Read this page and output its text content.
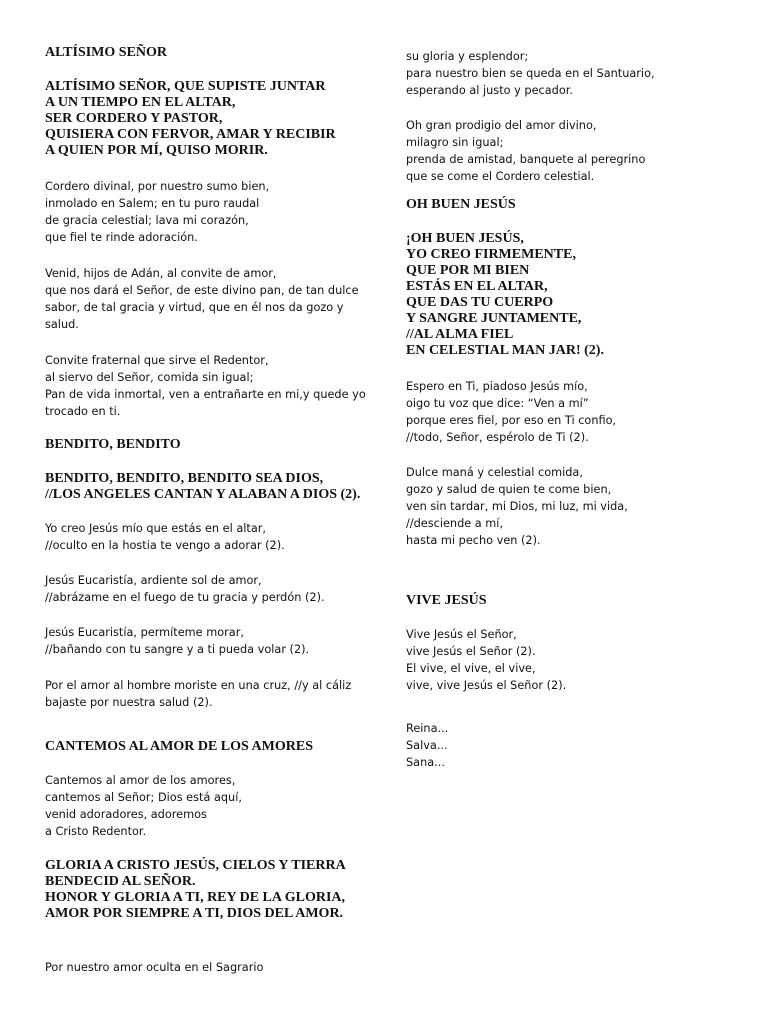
ALTÍSIMO SEÑOR
ALTÍSIMO SEÑOR, QUE SUPISTE JUNTAR
A UN TIEMPO EN EL ALTAR,
SER CORDERO Y PASTOR,
QUISIERA CON FERVOR, AMAR Y RECIBIR
A QUIEN POR MÍ, QUISO MORIR.
Cordero divinal, por nuestro sumo bien,
inmolado en Salem; en tu puro raudal
de gracia celestial; lava mi corazón,
que fiel te rinde adoración.
Venid, hijos de Adán, al convite de amor,
que nos dará el Señor, de este divino pan, de tan dulce
sabor, de tal gracia y virtud, que en él nos da gozo y
salud.
Convite fraternal que sirve el Redentor,
al siervo del Señor, comida sin igual;
Pan de vida inmortal, ven a entrañarte en mi,y quede yo
trocado en ti.
BENDITO, BENDITO
BENDITO, BENDITO, BENDITO SEA DIOS,
//LOS ANGELES CANTAN Y ALABAN A DIOS (2).
Yo creo Jesús mío que estás en el altar,
//oculto en la hostia te vengo a adorar (2).
Jesús Eucaristía, ardiente sol de amor,
//abrázame en el fuego de tu gracia y perdón (2).
Jesús Eucaristía, permíteme morar,
//bañando con tu sangre y a ti pueda volar (2).
Por el amor al hombre moriste en una cruz, //y al cáliz
bajaste por nuestra salud (2).
CANTEMOS AL AMOR DE LOS AMORES
Cantemos al amor de los amores,
cantemos al Señor; Dios está aquí,
venid adoradores, adoremos
a Cristo Redentor.
GLORIA A CRISTO JESÚS, CIELOS Y TIERRA
BENDECID AL SEÑOR.
HONOR Y GLORIA A TI, REY DE LA GLORIA,
AMOR POR SIEMPRE A TI, DIOS DEL AMOR.
Por nuestro amor oculta en el Sagrario
su gloria y esplendor;
para nuestro bien se queda en el Santuario,
esperando al justo y pecador.
Oh gran prodigio del amor divino,
milagro sin igual;
prenda de amistad, banquete al peregrino
que se come el Cordero celestial.
OH BUEN JESÚS
¡OH BUEN JESÚS,
YO CREO FIRMEMENTE,
QUE POR MI BIEN
ESTÁS EN EL ALTAR,
QUE DAS TU CUERPO
Y SANGRE JUNTAMENTE,
//AL ALMA FIEL
EN CELESTIAL MAN JAR! (2).
Espero en Ti, piadoso Jesús mío,
oigo tu voz que dice: “Ven a mí”
porque eres fiel, por eso en Ti confio,
//todo, Señor, espérolo de Ti (2).
Dulce maná y celestial comida,
gozo y salud de quien te come bien,
ven sin tardar, mi Dios, mi luz, mi vida,
//desciende a mí,
hasta mi pecho ven (2).
VIVE JESÚS
Vive Jesús el Señor,
vive Jesús el Señor (2).
El vive, el vive, el vive,
vive, vive Jesús el Señor (2).
Reina...
Salva...
Sana...
